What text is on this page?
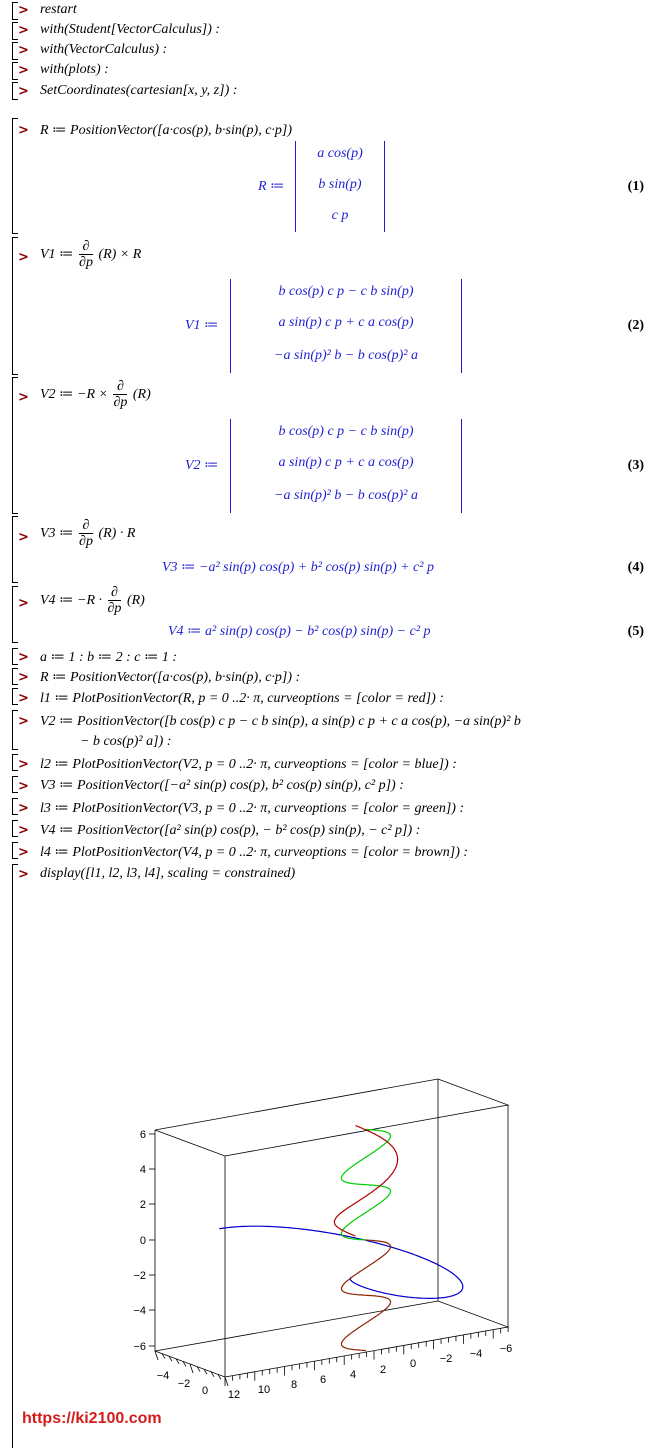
> restart
> with(Student[VectorCalculus]) :
> with(VectorCalculus) :
> with(plots) :
> SetCoordinates(cartesian[x, y, z]) :
> R ≔ PositionVector([a·cos(p), b·sin(p), c·p])
R ≔
a cos(p)
b sin(p)
c p
(1)
> V1 ≔ $\frac{\partial}{\partial p} (R) \times R$
V1 ≔
b cos(p) c p − c b sin(p)
a sin(p) c p + c a cos(p)
−a sin(p)² b − b cos(p)² a
(2)
> V2 ≔ $-R \times \frac{\partial}{\partial p} (R)$
V2 ≔
b cos(p) c p − c b sin(p)
a sin(p) c p + c a cos(p)
−a sin(p)² b − b cos(p)² a
(3)
> V3 ≔ $\frac{\partial}{\partial p} (R) \cdot R$
V3 ≔ −a² sin(p) cos(p) + b² cos(p) sin(p) + c² p	(4)
> V4 ≔ $-R \cdot \frac{\partial}{\partial p} (R)$
V4 ≔ a² sin(p) cos(p) − b² cos(p) sin(p) − c² p	(5)
> a ≔ 1 : b ≔ 2 : c ≔ 1 :
> R ≔ PositionVector([a·cos(p), b·sin(p), c·p]) :
> l1 ≔ PlotPositionVector(R, p = 0 ..2· π, curveoptions = [color = red]) :
> V2 ≔ PositionVector([b cos(p) c p − c b sin(p), a sin(p) c p + c a cos(p), −a sin(p)² b
− b cos(p)² a]) :
> l2 ≔ PlotPositionVector(V2, p = 0 ..2· π, curveoptions = [color = blue]) :
> V3 ≔ PositionVector([−a² sin(p) cos(p), b² cos(p) sin(p), c² p]) :
> l3 ≔ PlotPositionVector(V3, p = 0 ..2· π, curveoptions = [color = green]) :
> V4 ≔ PositionVector([a² sin(p) cos(p), − b² cos(p) sin(p), − c² p]) :
> l4 ≔ PlotPositionVector(V4, p = 0 ..2· π, curveoptions = [color = brown]) :
> display([l1, l2, l3, l4], scaling = constrained)
6
4
2
0
−2
−4
−6
−4
−2
0 12 10 8 6 4 2 0 −2 −4 −6
https://ki2100.com
